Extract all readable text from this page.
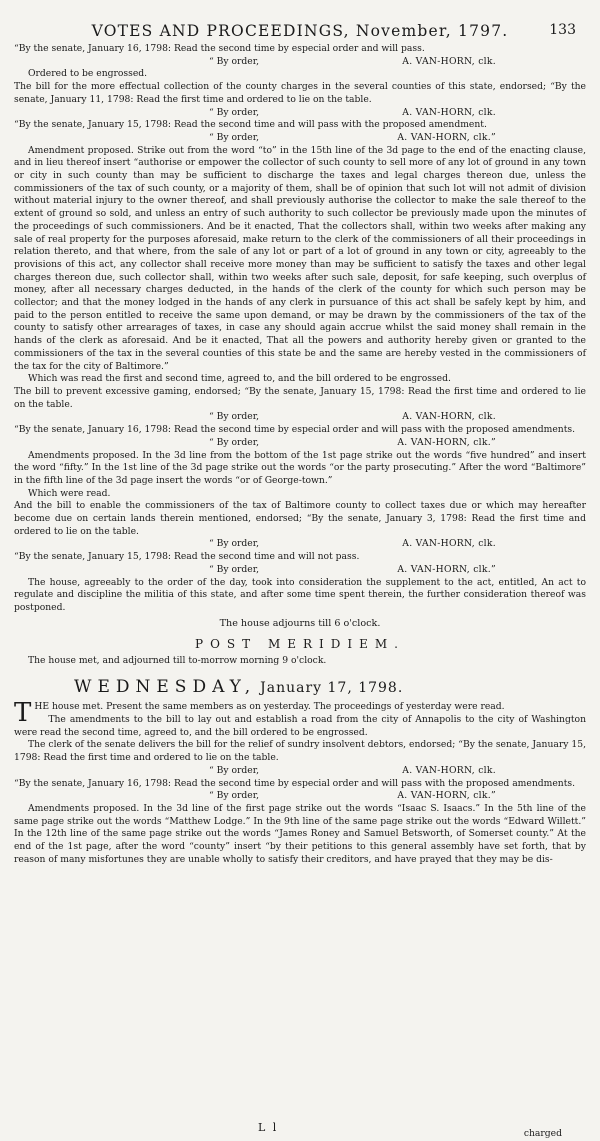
VOTES AND PROCEEDINGS, November, 1797.	133

“By the senate, January 16, 1798: Read the second time by especial order and will pass.

“ By order,	A. VAN-HORN, clk.

Ordered to be engrossed.

The bill for the more effectual collection of the county charges in the several counties of this state, endorsed; “By the senate, January 11, 1798: Read the first time and ordered to lie on the table.

“ By order,	A. VAN-HORN, clk.

“By the senate, January 15, 1798: Read the second time and will pass with the proposed amendment.

“ By order,	A. VAN-HORN, clk.”

Amendment proposed. Strike out from the word “to” in the 15th line of the 3d page to the end of the enacting clause, and in lieu thereof insert “authorise or empower the collector of such county to sell more of any lot of ground in any town or city in such county than may be sufficient to discharge the taxes and legal charges thereon due, unless the commissioners of the tax of such county, or a majority of them, shall be of opinion that such lot will not admit of division without material injury to the owner thereof, and shall previously authorise the collector to make the sale thereof to the extent of ground so sold, and unless an entry of such authority to such collector be previously made upon the minutes of the proceedings of such commissioners. And be it enacted, That the collectors shall, within two weeks after making any sale of real property for the purposes aforesaid, make return to the clerk of the commissioners of all their proceedings in relation thereto, and that where, from the sale of any lot or part of a lot of ground in any town or city, agreeably to the provisions of this act, any collector shall receive more money than may be sufficient to satisfy the taxes and other legal charges thereon due, such collector shall, within two weeks after such sale, deposit, for safe keeping, such overplus of money, after all necessary charges deducted, in the hands of the clerk of the county for which such person may be collector; and that the money lodged in the hands of any clerk in pursuance of this act shall be safely kept by him, and paid to the person entitled to receive the same upon demand, or may be drawn by the commissioners of the tax of the county to satisfy other arrearages of taxes, in case any should again accrue whilst the said money shall remain in the hands of the clerk as aforesaid. And be it enacted, That all the powers and authority hereby given or granted to the commissioners of the tax in the several counties of this state be and the same are hereby vested in the commissioners of the tax for the city of Baltimore.”

Which was read the first and second time, agreed to, and the bill ordered to be engrossed.

The bill to prevent excessive gaming, endorsed; “By the senate, January 15, 1798: Read the first time and ordered to lie on the table.

“ By order,	A. VAN-HORN, clk.

“By the senate, January 16, 1798: Read the second time by especial order and will pass with the proposed amendments.

“ By order,	A. VAN-HORN, clk.”

Amendments proposed. In the 3d line from the bottom of the 1st page strike out the words “five hundred” and insert the word “fifty.” In the 1st line of the 3d page strike out the words “or the party prosecuting.” After the word “Baltimore” in the fifth line of the 3d page insert the words “or of George-town.”

Which were read.

And the bill to enable the commissioners of the tax of Baltimore county to collect taxes due or which may hereafter become due on certain lands therein mentioned, endorsed; “By the senate, January 3, 1798: Read the first time and ordered to lie on the table.

“ By order,	A. VAN-HORN, clk.

“By the senate, January 15, 1798: Read the second time and will not pass.

“ By order,	A. VAN-HORN, clk.”

The house, agreeably to the order of the day, took into consideration the supplement to the act, entitled, An act to regulate and discipline the militia of this state, and after some time spent therein, the further consideration thereof was postponed.

The house adjourns till 6 o'clock.
POST MERIDIEM.

The house met, and adjourned till to-morrow morning 9 o'clock.

WEDNESDAY, January 17, 1798.

THE house met. Present the same members as on yesterday. The proceedings of yesterday were read.

The amendments to the bill to lay out and establish a road from the city of Annapolis to the city of Washington were read the second time, agreed to, and the bill ordered to be engrossed.

The clerk of the senate delivers the bill for the relief of sundry insolvent debtors, endorsed; “By the senate, January 15, 1798: Read the first time and ordered to lie on the table.

“ By order,	A. VAN-HORN, clk.

“By the senate, January 16, 1798: Read the second time by especial order and will pass with the proposed amendments.

“ By order,	A. VAN-HORN, clk.”

Amendments proposed. In the 3d line of the first page strike out the words “Isaac S. Isaacs.” In the 5th line of the same page strike out the words “Matthew Lodge.” In the 9th line of the same page strike out the words “Edward Willett.” In the 12th line of the same page strike out the words “James Roney and Samuel Betsworth, of Somerset county.” At the end of the 1st page, after the word “county” insert “by their petitions to this general assembly have set forth, that by reason of many misfortunes they are unable wholly to satisfy their creditors, and have prayed that they may be dis-

L l	charged
